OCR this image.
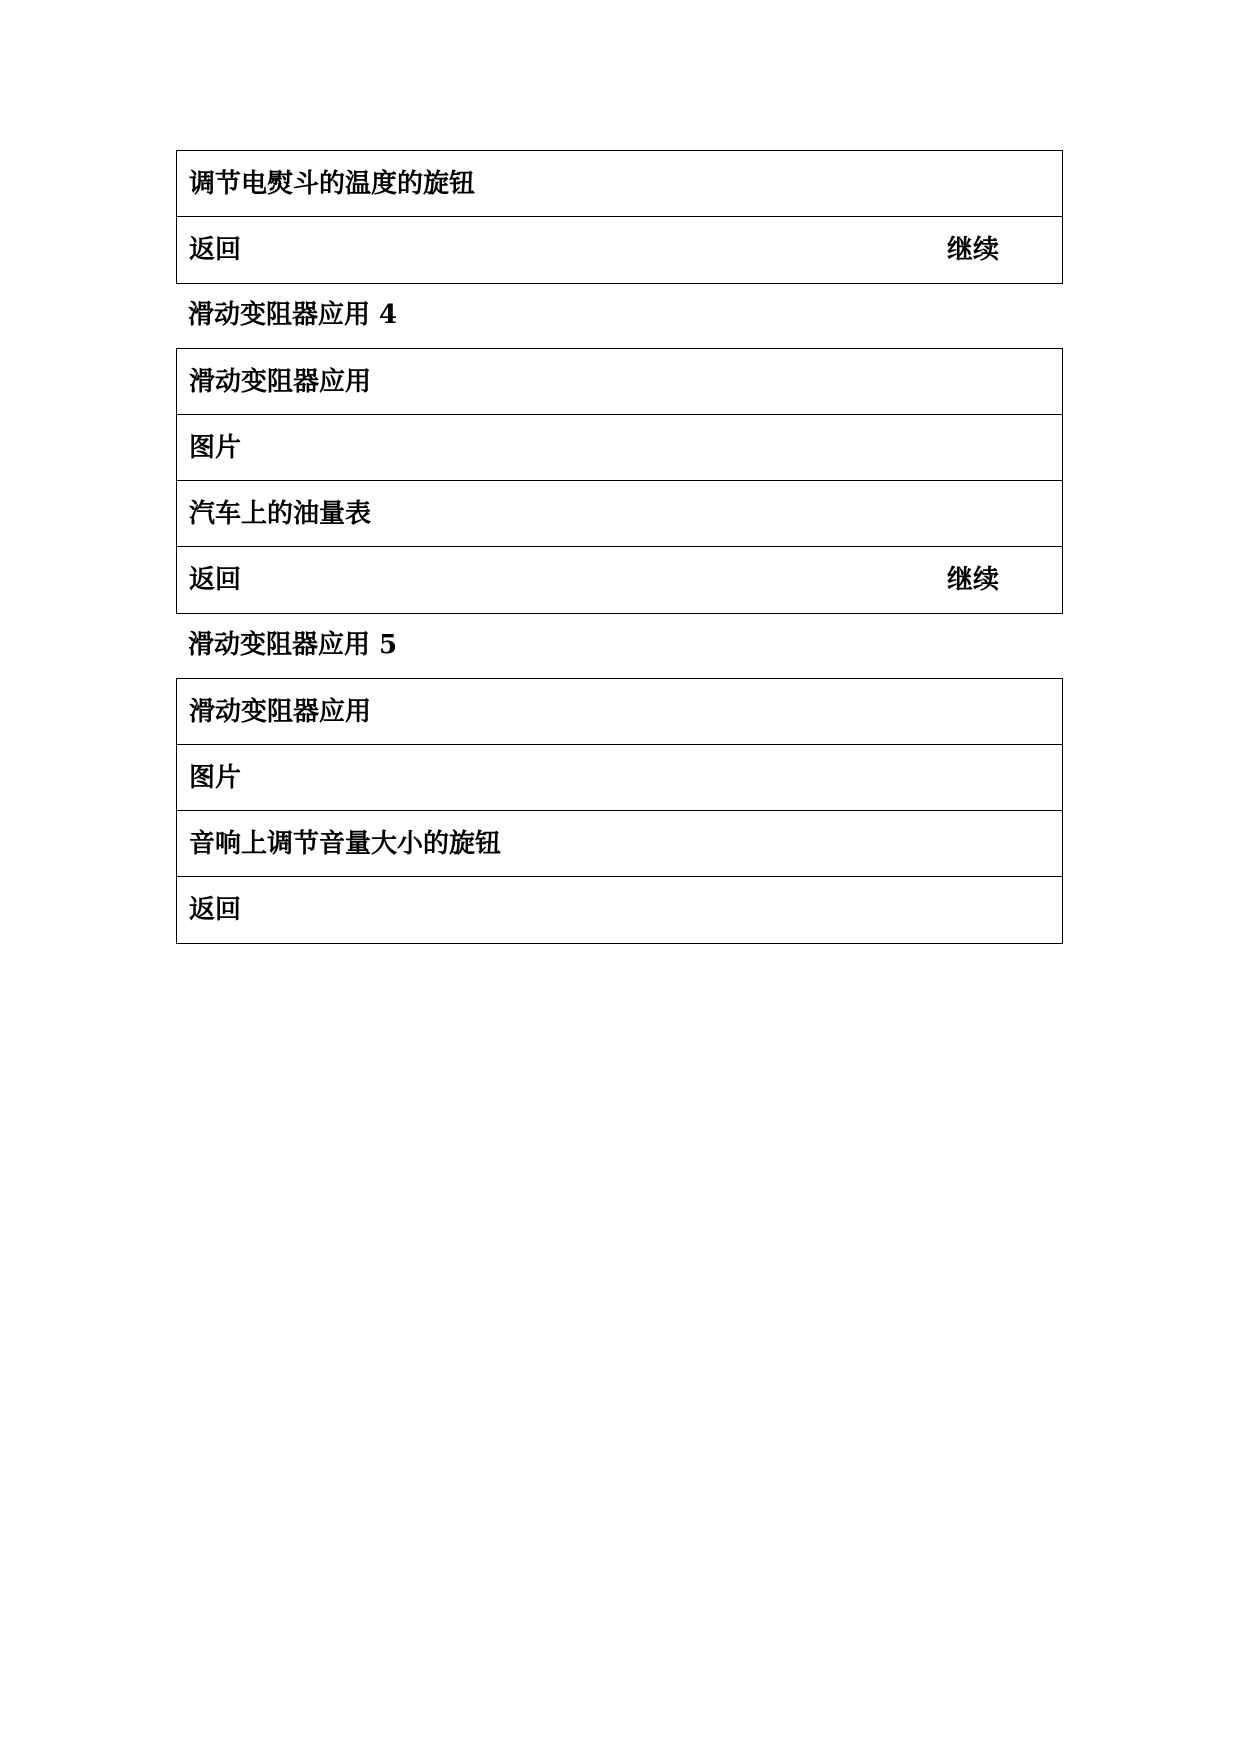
调节电熨斗的温度的旋钮
返回	继续
滑动变阻器应用 4
滑动变阻器应用
图片
汽车上的油量表
返回	继续
滑动变阻器应用 5
滑动变阻器应用
图片
音响上调节音量大小的旋钮
返回
